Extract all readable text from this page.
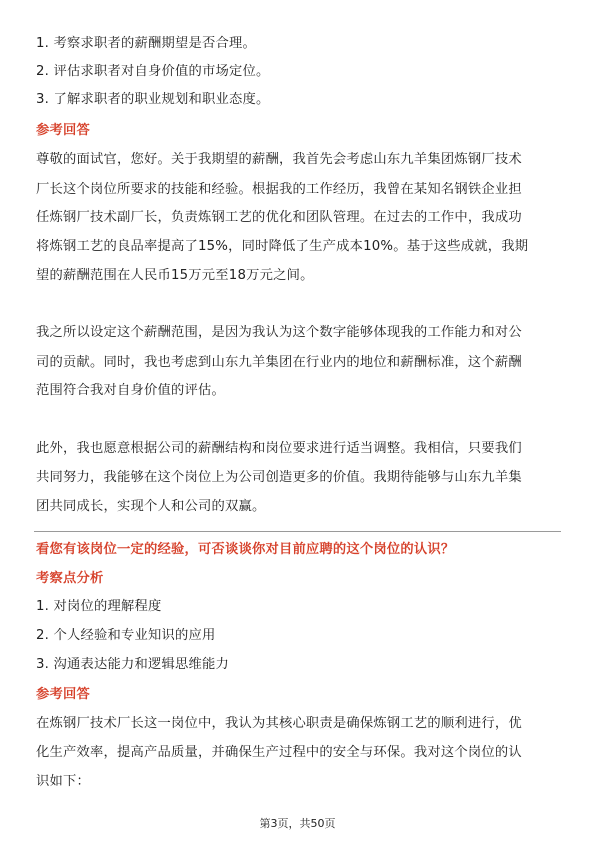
1. 考察求职者的薪酬期望是否合理。
2. 评估求职者对自身价值的市场定位。
3. 了解求职者的职业规划和职业态度。
参考回答
尊敬的面试官，您好。关于我期望的薪酬，我首先会考虑山东九羊集团炼钢厂技术
厂长这个岗位所要求的技能和经验。根据我的工作经历，我曾在某知名钢铁企业担
任炼钢厂技术副厂长，负责炼钢工艺的优化和团队管理。在过去的工作中，我成功
将炼钢工艺的良品率提高了15%，同时降低了生产成本10%。基于这些成就，我期
望的薪酬范围在人民币15万元至18万元之间。
我之所以设定这个薪酬范围，是因为我认为这个数字能够体现我的工作能力和对公
司的贡献。同时，我也考虑到山东九羊集团在行业内的地位和薪酬标准，这个薪酬
范围符合我对自身价值的评估。
此外，我也愿意根据公司的薪酬结构和岗位要求进行适当调整。我相信，只要我们
共同努力，我能够在这个岗位上为公司创造更多的价值。我期待能够与山东九羊集
团共同成长，实现个人和公司的双赢。
看您有该岗位一定的经验，可否谈谈你对目前应聘的这个岗位的认识？
考察点分析
1. 对岗位的理解程度
2. 个人经验和专业知识的应用
3. 沟通表达能力和逻辑思维能力
参考回答
在炼钢厂技术厂长这一岗位中，我认为其核心职责是确保炼钢工艺的顺利进行，优
化生产效率，提高产品质量，并确保生产过程中的安全与环保。我对这个岗位的认
识如下：
第3页，共50页
